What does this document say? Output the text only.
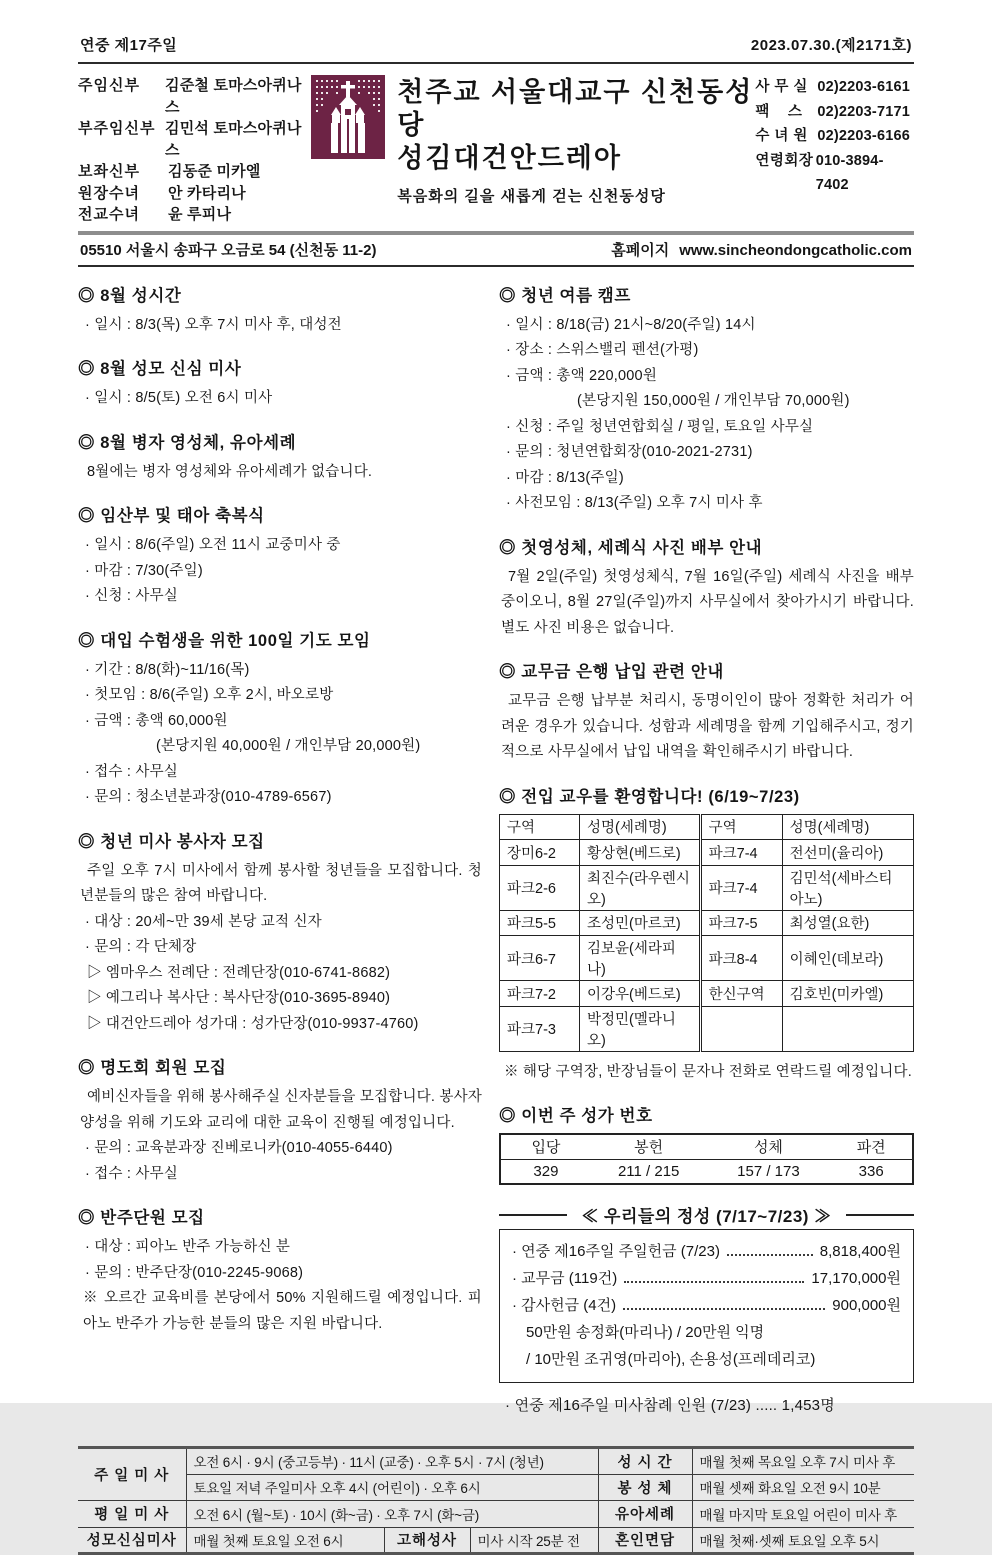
연중 제17주일	2023.07.30.(제2171호)
주임신부	김준철 토마스아퀴나스
부주임신부 김민석 토마스아퀴나스
보좌신부	김동준 미카엘
원장수녀	안 카타리나
전교수녀	윤 루피나
천주교 서울대교구 신천동성당
성김대건안드레아
복음화의 길을 새롭게 걷는 신천동성당
사 무 실 02)2203-6161
팩    스	02)2203-7171
수 녀 원 02)2203-6166
연령회장 010-3894-7402
05510 서울시 송파구 오금로 54 (신천동 11-2)	홈페이지 www.sincheondongcatholic.com
◎ 8월 성시간
· 일시 : 8/3(목) 오후 7시 미사 후, 대성전
◎ 8월 성모 신심 미사
· 일시 : 8/5(토) 오전 6시 미사
◎ 8월 병자 영성체, 유아세례
8월에는 병자 영성체와 유아세례가 없습니다.
◎ 임산부 및 태아 축복식
· 일시 : 8/6(주일) 오전 11시 교중미사 중
· 마감 : 7/30(주일)
· 신청 : 사무실
◎ 대입 수험생을 위한 100일 기도 모임
· 기간 : 8/8(화)~11/16(목)
· 첫모임 : 8/6(주일) 오후 2시, 바오로방
· 금액 : 총액 60,000원
(본당지원 40,000원 / 개인부담 20,000원)
· 접수 : 사무실
· 문의 : 청소년분과장(010-4789-6567)
◎ 청년 미사 봉사자 모집
주일 오후 7시 미사에서 함께 봉사할 청년들을 모집합니다. 청년분들의 많은 참여 바랍니다.
· 대상 : 20세~만 39세 본당 교적 신자
· 문의 : 각 단체장
▷ 엠마우스 전례단 : 전례단장(010-6741-8682)
▷ 예그리나 복사단 : 복사단장(010-3695-8940)
▷ 대건안드레아 성가대 : 성가단장(010-9937-4760)
◎ 명도회 회원 모집
예비신자들을 위해 봉사해주실 신자분들을 모집합니다. 봉사자 양성을 위해 기도와 교리에 대한 교육이 진행될 예정입니다.
· 문의 : 교육분과장 진베로니카(010-4055-6440)
· 접수 : 사무실
◎ 반주단원 모집
· 대상 : 피아노 반주 가능하신 분
· 문의 : 반주단장(010-2245-9068)
※ 오르간 교육비를 본당에서 50% 지원해드릴 예정입니다. 피아노 반주가 가능한 분들의 많은 지원 바랍니다.
◎ 청년 여름 캠프
· 일시 : 8/18(금) 21시~8/20(주일) 14시
· 장소 : 스위스밸리 펜션(가평)
· 금액 : 총액 220,000원
(본당지원 150,000원 / 개인부담 70,000원)
· 신청 : 주일 청년연합회실 / 평일, 토요일 사무실
· 문의 : 청년연합회장(010-2021-2731)
· 마감 : 8/13(주일)
· 사전모임 : 8/13(주일) 오후 7시 미사 후
◎ 첫영성체, 세례식 사진 배부 안내
7월 2일(주일) 첫영성체식, 7월 16일(주일) 세례식 사진을 배부 중이오니, 8월 27일(주일)까지 사무실에서 찾아가시기 바랍니다. 별도 사진 비용은 없습니다.
◎ 교무금 은행 납입 관련 안내
교무금 은행 납부분 처리시, 동명이인이 많아 정확한 처리가 어려운 경우가 있습니다. 성함과 세례명을 함께 기입해주시고, 정기적으로 사무실에서 납입 내역을 확인해주시기 바랍니다.
◎ 전입 교우를 환영합니다! (6/19~7/23)
구역	성명(세례명)	구역	성명(세례명)
장미6-2	황상현(베드로)	파크7-4	전선미(율리아)
파크2-6	최진수(라우렌시오)	파크7-4	김민석(세바스티아노)
파크5-5	조성민(마르코)	파크7-5	최성열(요한)
파크6-7	김보윤(세라피나)	파크8-4	이혜인(데보라)
파크7-2	이강우(베드로)	한신구역	김호빈(미카엘)
파크7-3	박정민(멜라니오)		
※ 해당 구역장, 반장님들이 문자나 전화로 연락드릴 예정입니다.
◎ 이번 주 성가 번호
입당	봉헌	성체	파견
329	211 / 215	157 / 173	336
≪ 우리들의 정성 (7/17~7/23) ≫
· 연중 제16주일 주일헌금 (7/23)	8,818,400원
· 교무금 (119건)	17,170,000원
· 감사헌금 (4건)	900,000원
50만원 송정화(마리나) / 20만원 익명
/ 10만원 조귀영(마리아), 손용성(프레데리코)
· 연중 제16주일 미사참례 인원 (7/23) ..... 1,453명
주 일 미 사	오전 6시 · 9시 (중고등부) · 11시 (교중) · 오후 5시 · 7시 (청년)			성 시 간	매월 첫째 목요일 오후 7시 미사 후
	토요일 저녁 주일미사 오후 4시 (어린이) · 오후 6시			봉 성 체	매월 셋째 화요일 오전 9시 10분
평 일 미 사	오전 6시 (월~토) · 10시 (화~금) · 오후 7시 (화~금)			유아세례	매월 마지막 토요일 어린이 미사 후
성모신심미사	매월 첫째 토요일 오전 6시	고해성사	미사 시작 25분 전	혼인면담	매월 첫째·셋째 토요일 오후 5시
